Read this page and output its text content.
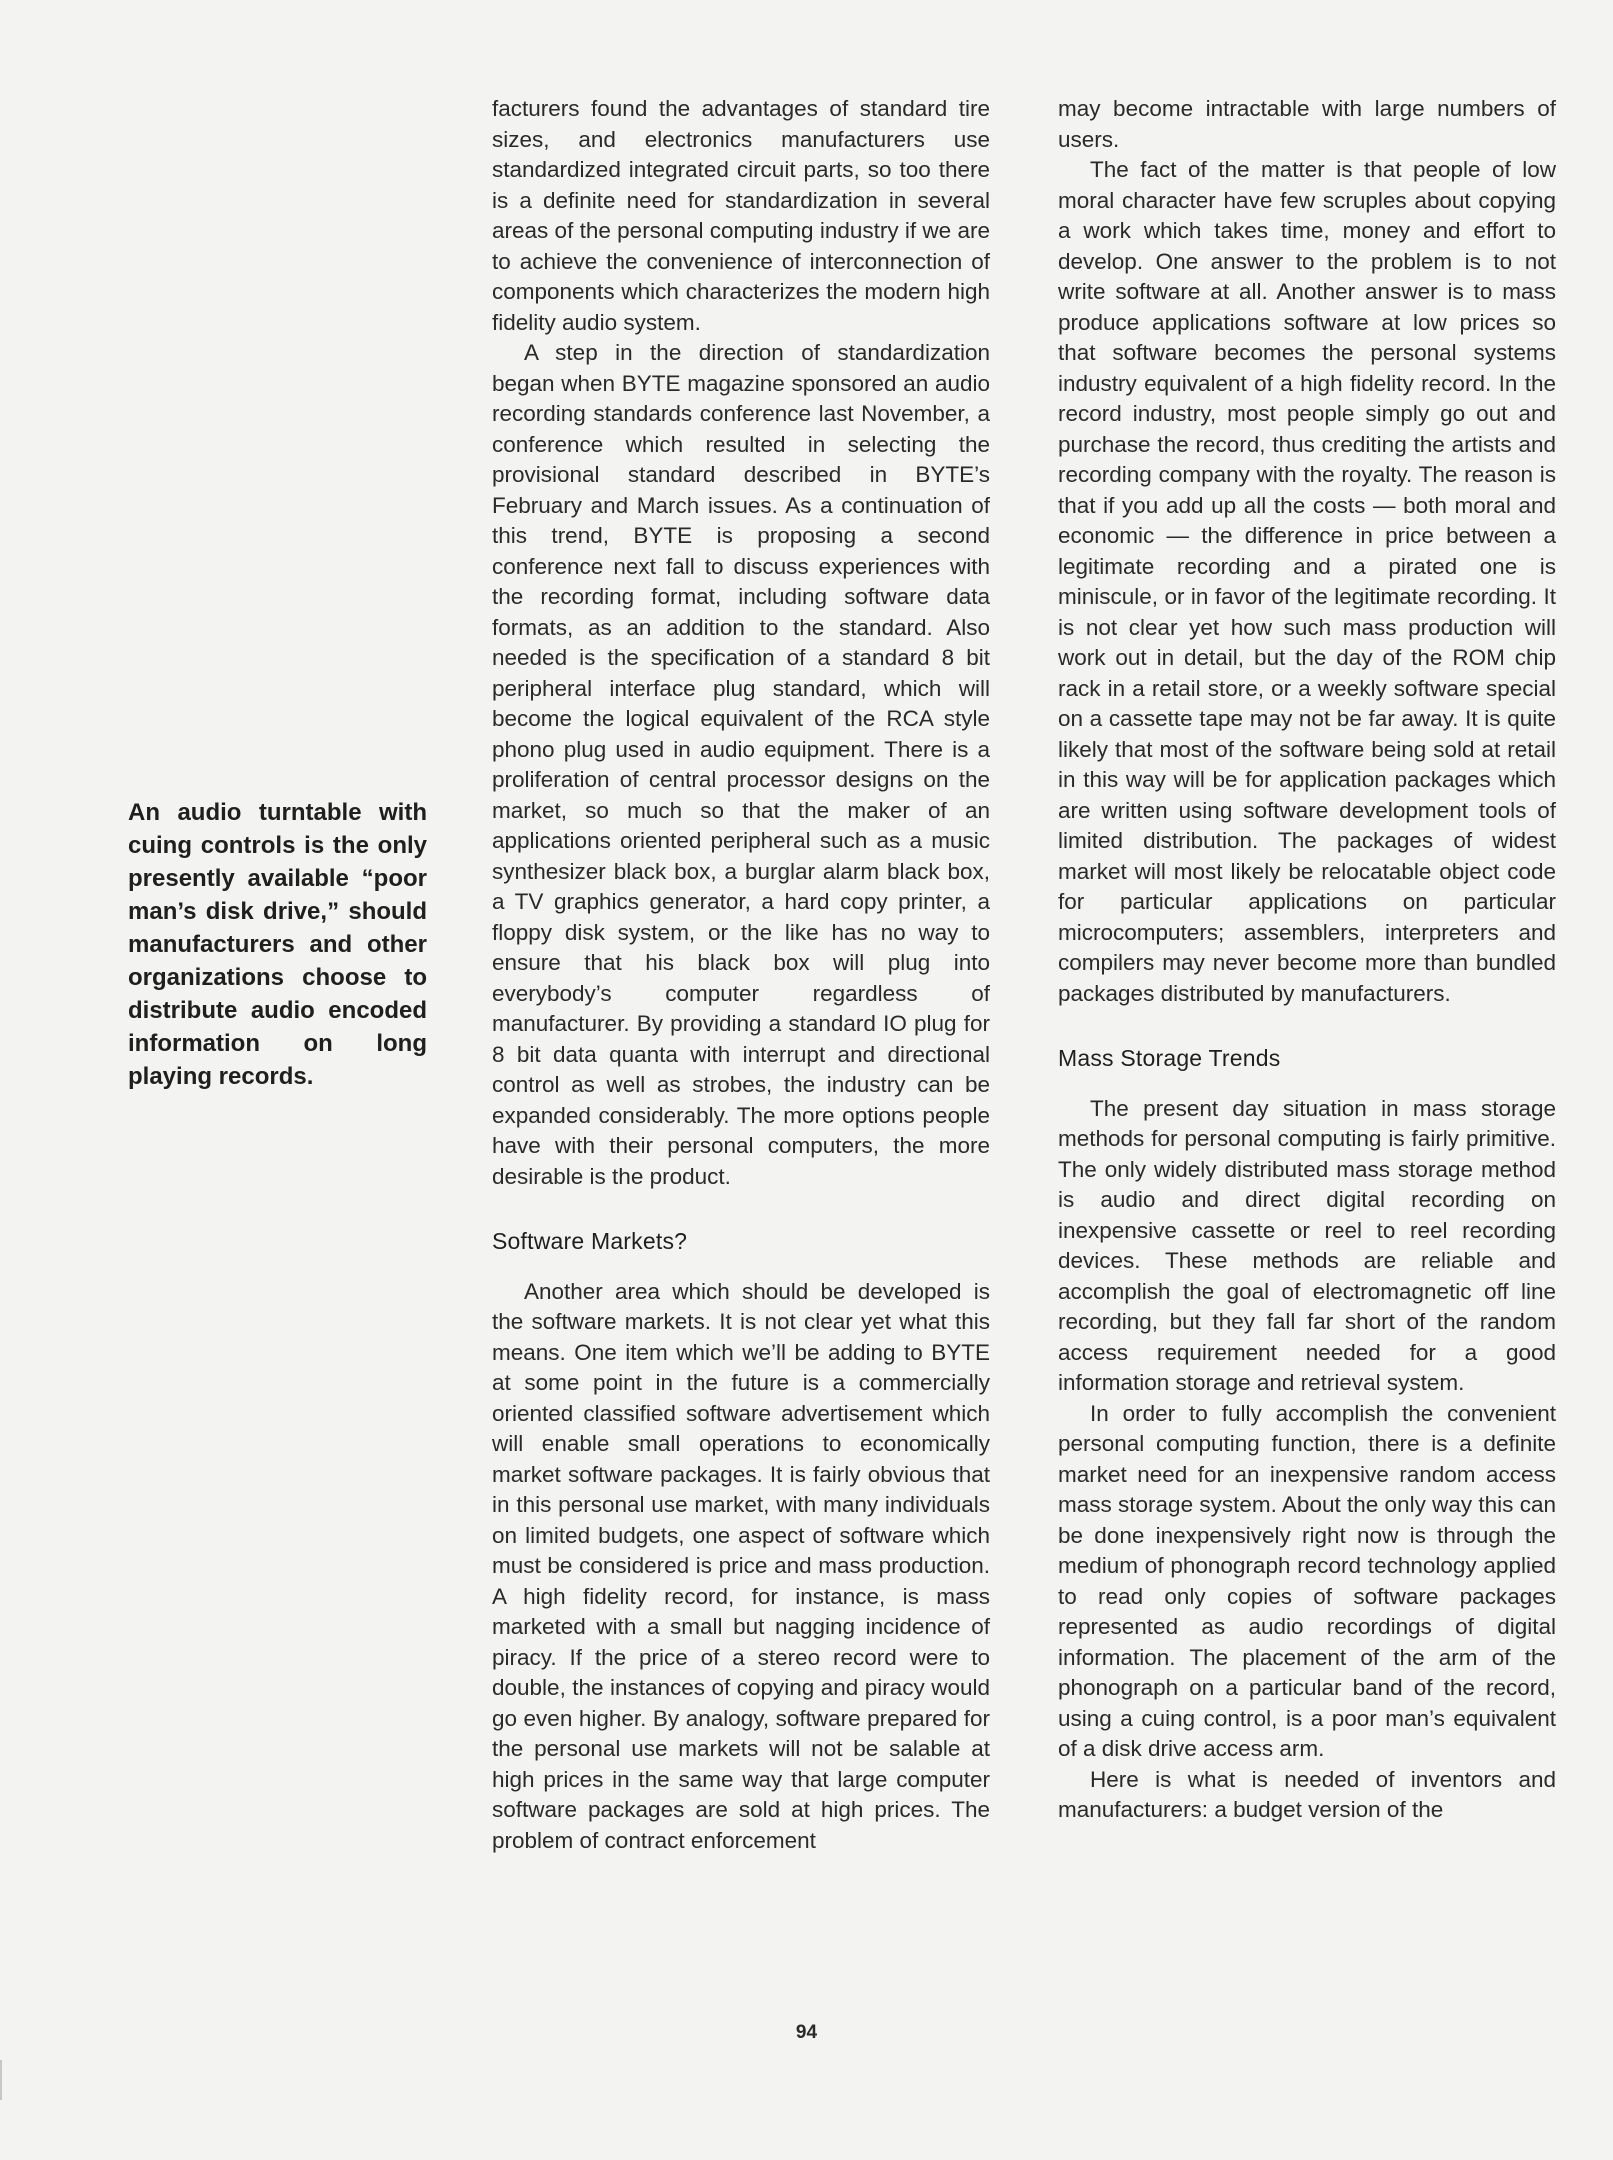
An audio turntable with cuing controls is the only presently available “poor man’s disk drive,” should manufacturers and other organizations choose to distribute audio encoded information on long playing records.

facturers found the advantages of standard tire sizes, and electronics manufacturers use standardized integrated circuit parts, so too there is a definite need for standardization in several areas of the personal computing industry if we are to achieve the convenience of interconnection of components which characterizes the modern high fidelity audio system.

A step in the direction of standardization began when BYTE magazine sponsored an audio recording standards conference last November, a conference which resulted in selecting the provisional standard described in BYTE’s February and March issues. As a continuation of this trend, BYTE is proposing a second conference next fall to discuss experiences with the recording format, including software data formats, as an addition to the standard. Also needed is the specification of a standard 8 bit peripheral interface plug standard, which will become the logical equivalent of the RCA style phono plug used in audio equipment. There is a proliferation of central processor designs on the market, so much so that the maker of an applications oriented peripheral such as a music synthesizer black box, a burglar alarm black box, a TV graphics generator, a hard copy printer, a floppy disk system, or the like has no way to ensure that his black box will plug into everybody’s computer regardless of manufacturer. By providing a standard IO plug for 8 bit data quanta with interrupt and directional control as well as strobes, the industry can be expanded considerably. The more options people have with their personal computers, the more desirable is the product.

Software Markets?

Another area which should be developed is the software markets. It is not clear yet what this means. One item which we’ll be adding to BYTE at some point in the future is a commercially oriented classified software advertisement which will enable small operations to economically market software packages. It is fairly obvious that in this personal use market, with many individuals on limited budgets, one aspect of software which must be considered is price and mass production. A high fidelity record, for instance, is mass marketed with a small but nagging incidence of piracy. If the price of a stereo record were to double, the instances of copying and piracy would go even higher. By analogy, software prepared for the personal use markets will not be salable at high prices in the same way that large computer software packages are sold at high prices. The problem of contract enforcement

may become intractable with large numbers of users.

The fact of the matter is that people of low moral character have few scruples about copying a work which takes time, money and effort to develop. One answer to the problem is to not write software at all. Another answer is to mass produce applications software at low prices so that software becomes the personal systems industry equivalent of a high fidelity record. In the record industry, most people simply go out and purchase the record, thus crediting the artists and recording company with the royalty. The reason is that if you add up all the costs — both moral and economic — the difference in price between a legitimate recording and a pirated one is miniscule, or in favor of the legitimate recording. It is not clear yet how such mass production will work out in detail, but the day of the ROM chip rack in a retail store, or a weekly software special on a cassette tape may not be far away. It is quite likely that most of the software being sold at retail in this way will be for application packages which are written using software development tools of limited distribution. The packages of widest market will most likely be relocatable object code for particular applications on particular microcomputers; assemblers, interpreters and compilers may never become more than bundled packages distributed by manufacturers.

Mass Storage Trends

The present day situation in mass storage methods for personal computing is fairly primitive. The only widely distributed mass storage method is audio and direct digital recording on inexpensive cassette or reel to reel recording devices. These methods are reliable and accomplish the goal of electromagnetic off line recording, but they fall far short of the random access requirement needed for a good information storage and retrieval system.

In order to fully accomplish the convenient personal computing function, there is a definite market need for an inexpensive random access mass storage system. About the only way this can be done inexpensively right now is through the medium of phonograph record technology applied to read only copies of software packages represented as audio recordings of digital information. The placement of the arm of the phonograph on a particular band of the record, using a cuing control, is a poor man’s equivalent of a disk drive access arm.

Here is what is needed of inventors and manufacturers: a budget version of the

94
